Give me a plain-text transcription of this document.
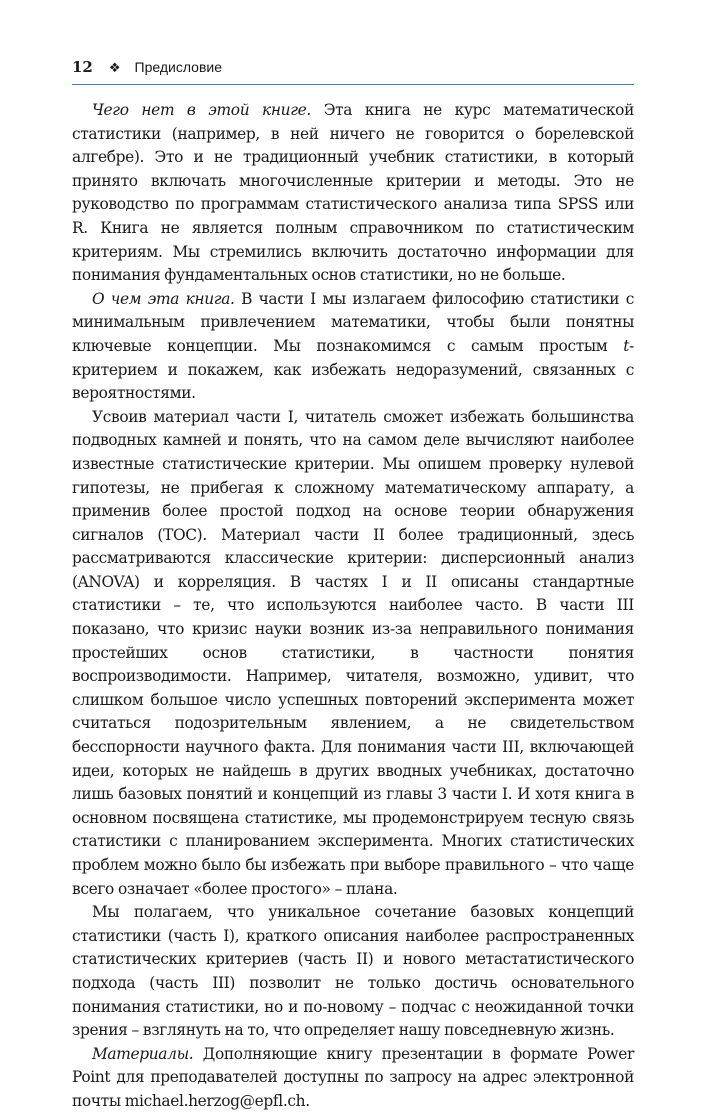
12 ❖ Предисловие

Чего нет в этой книге. Эта книга не курс математической статистики (например, в ней ничего не говорится о борелевской алгебре). Это и не традиционный учебник статистики, в который принято включать многочисленные критерии и методы. Это не руководство по программам статистического анализа типа SPSS или R. Книга не является полным справочником по статистическим критериям. Мы стремились включить достаточно информации для понимания фундаментальных основ статистики, но не больше.

О чем эта книга. В части I мы излагаем философию статистики с минимальным привлечением математики, чтобы были понятны ключевые концепции. Мы познакомимся с самым простым t-критерием и покажем, как избежать недоразумений, связанных с вероятностями.

Усвоив материал части I, читатель сможет избежать большинства подводных камней и понять, что на самом деле вычисляют наиболее известные статистические критерии. Мы опишем проверку нулевой гипотезы, не прибегая к сложному математическому аппарату, а применив более простой подход на основе теории обнаружения сигналов (TOC). Материал части II более традиционный, здесь рассматриваются классические критерии: дисперсионный анализ (ANOVA) и корреляция. В частях I и II описаны стандартные статистики – те, что используются наиболее часто. В части III показано, что кризис науки возник из-за неправильного понимания простейших основ статистики, в частности понятия воспроизводимости. Например, читателя, возможно, удивит, что слишком большое число успешных повторений эксперимента может считаться подозрительным явлением, а не свидетельством бесспорности научного факта. Для понимания части III, включающей идеи, которых не найдешь в других вводных учебниках, достаточно лишь базовых понятий и концепций из главы 3 части I. И хотя книга в основном посвящена статистике, мы продемонстрируем тесную связь статистики с планированием эксперимента. Многих статистических проблем можно было бы избежать при выборе правильного – что чаще всего означает «более простого» – плана.

Мы полагаем, что уникальное сочетание базовых концепций статистики (часть I), краткого описания наиболее распространенных статистических критериев (часть II) и нового метастатистического подхода (часть III) позволит не только достичь основательного понимания статистики, но и по-новому – подчас с неожиданной точки зрения – взглянуть на то, что определяет нашу повседневную жизнь.

Материалы. Дополняющие книгу презентации в формате Power Point для преподавателей доступны по запросу на адрес электронной почты michael.herzog@epfl.ch.
